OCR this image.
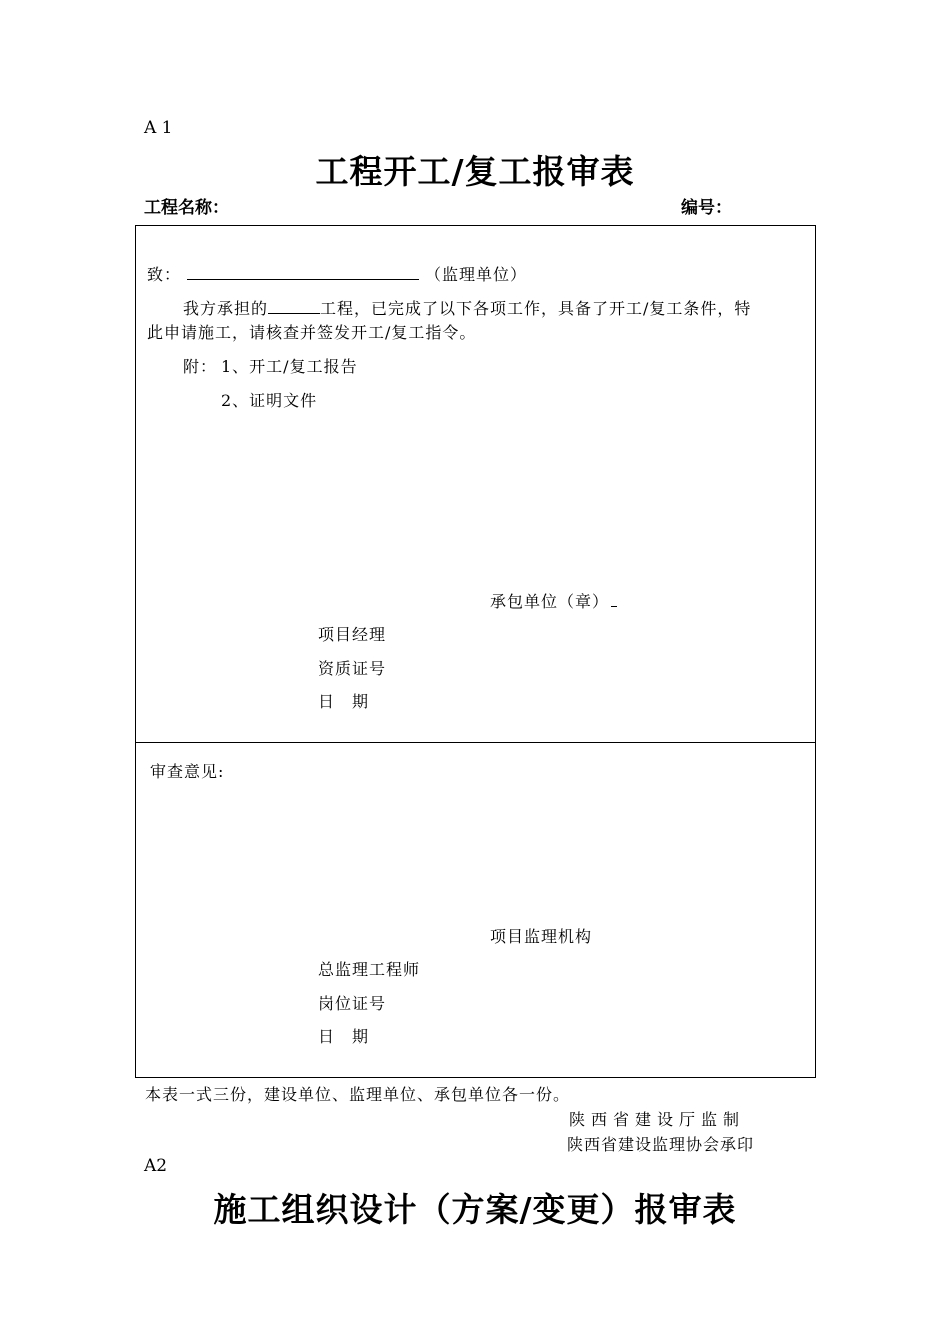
A 1
工程开工/复工报审表
工程名称：	编号：
致：	（监理单位）
我方承担的	工程，已完成了以下各项工作，具备了开工/复工条件，特
此申请施工，请核查并签发开工/复工指令。
附： 1、开工/复工报告
2、证明文件
承包单位（章）
项目经理
资质证号
日　期
审查意见:
项目监理机构
总监理工程师
岗位证号
日　期
本表一式三份，建设单位、监理单位、承包单位各一份。
陕西省建设厅监制
陕西省建设监理协会承印
A2
施工组织设计（方案/变更）报审表
